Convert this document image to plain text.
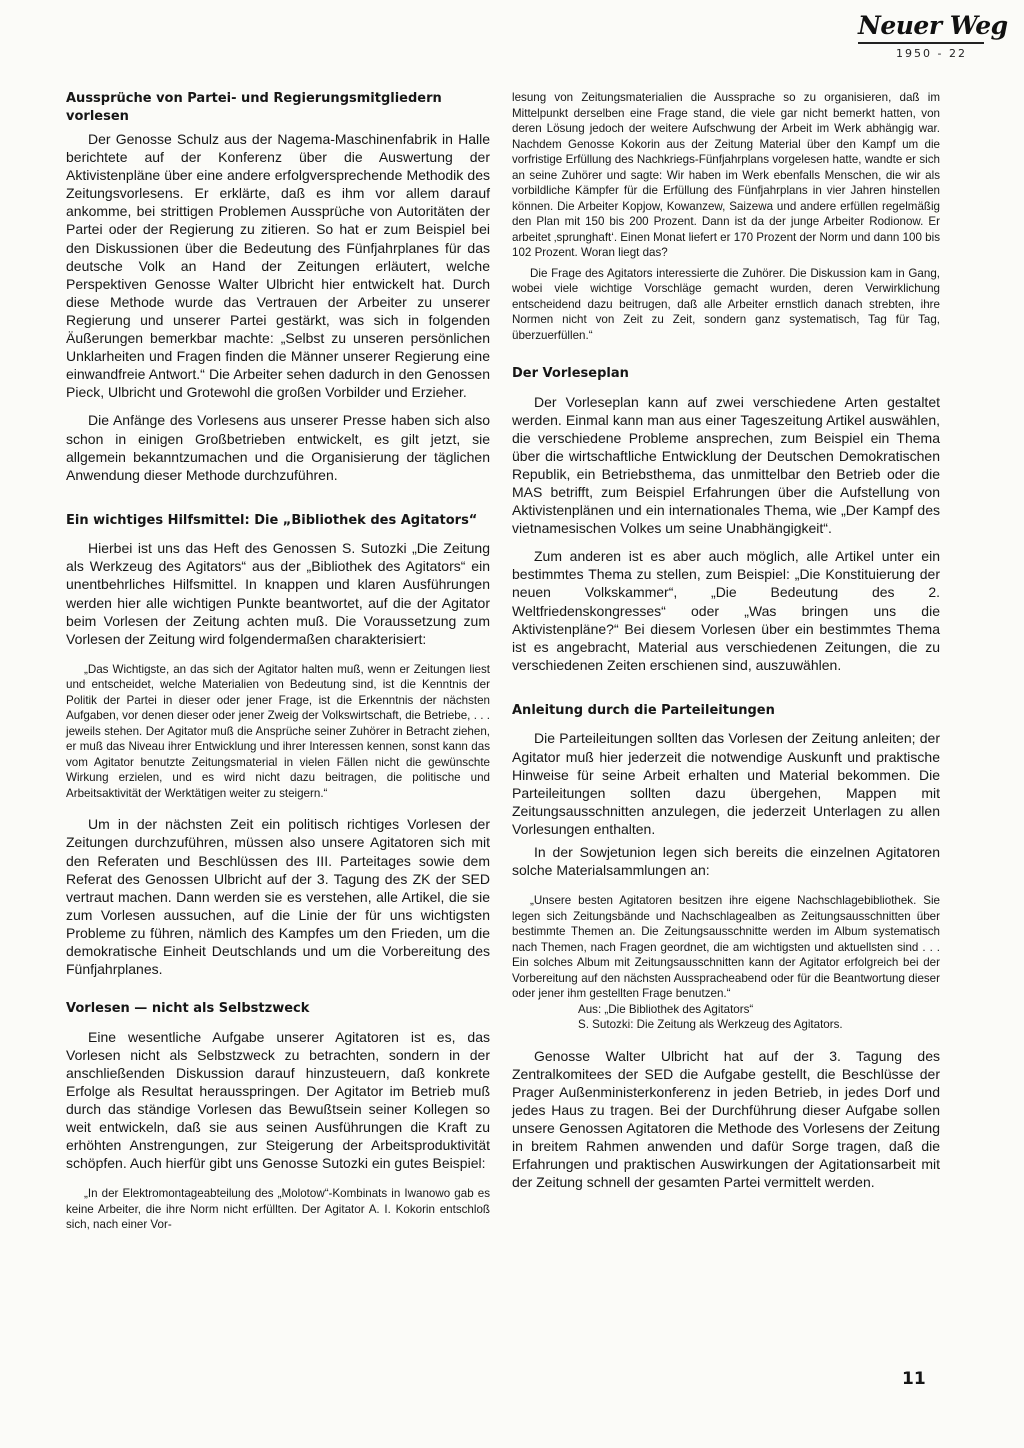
Neuer Weg
1950 - 22
Aussprüche von Partei- und Regierungsmitgliedern vorlesen
Der Genosse Schulz aus der Nagema-Maschinenfabrik in Halle berichtete auf der Konferenz über die Auswertung der Aktivistenpläne über eine andere erfolgversprechende Methodik des Zeitungsvorlesens. Er erklärte, daß es ihm vor allem darauf ankomme, bei strittigen Problemen Aussprüche von Autoritäten der Partei oder der Regierung zu zitieren. So hat er zum Beispiel bei den Diskussionen über die Bedeutung des Fünfjahrplanes für das deutsche Volk an Hand der Zeitungen erläutert, welche Perspektiven Genosse Walter Ulbricht hier entwickelt hat. Durch diese Methode wurde das Vertrauen der Arbeiter zu unserer Regierung und unserer Partei gestärkt, was sich in folgenden Äußerungen bemerkbar machte: „Selbst zu unseren persönlichen Unklarheiten und Fragen finden die Männer unserer Regierung eine einwandfreie Antwort.“ Die Arbeiter sehen dadurch in den Genossen Pieck, Ulbricht und Grotewohl die großen Vorbilder und Erzieher.
Die Anfänge des Vorlesens aus unserer Presse haben sich also schon in einigen Großbetrieben entwickelt, es gilt jetzt, sie allgemein bekanntzumachen und die Organisierung der täglichen Anwendung dieser Methode durchzuführen.
Ein wichtiges Hilfsmittel: Die „Bibliothek des Agitators“
Hierbei ist uns das Heft des Genossen S. Sutozki „Die Zeitung als Werkzeug des Agitators“ aus der „Bibliothek des Agitators“ ein unentbehrliches Hilfsmittel. In knappen und klaren Ausführungen werden hier alle wichtigen Punkte beantwortet, auf die der Agitator beim Vorlesen der Zeitung achten muß. Die Voraussetzung zum Vorlesen der Zeitung wird folgendermaßen charakterisiert:
„Das Wichtigste, an das sich der Agitator halten muß, wenn er Zeitungen liest und entscheidet, welche Materialien von Bedeutung sind, ist die Kenntnis der Politik der Partei in dieser oder jener Frage, ist die Erkenntnis der nächsten Aufgaben, vor denen dieser oder jener Zweig der Volkswirtschaft, die Betriebe, . . . jeweils stehen. Der Agitator muß die Ansprüche seiner Zuhörer in Betracht ziehen, er muß das Niveau ihrer Entwicklung und ihrer Interessen kennen, sonst kann das vom Agitator benutzte Zeitungsmaterial in vielen Fällen nicht die gewünschte Wirkung erzielen, und es wird nicht dazu beitragen, die politische und Arbeitsaktivität der Werktätigen weiter zu steigern.“
Um in der nächsten Zeit ein politisch richtiges Vorlesen der Zeitungen durchzuführen, müssen also unsere Agitatoren sich mit den Referaten und Beschlüssen des III. Parteitages sowie dem Referat des Genossen Ulbricht auf der 3. Tagung des ZK der SED vertraut machen. Dann werden sie es verstehen, alle Artikel, die sie zum Vorlesen aussuchen, auf die Linie der für uns wichtigsten Probleme zu führen, nämlich des Kampfes um den Frieden, um die demokratische Einheit Deutschlands und um die Vorbereitung des Fünfjahrplanes.
Vorlesen — nicht als Selbstzweck
Eine wesentliche Aufgabe unserer Agitatoren ist es, das Vorlesen nicht als Selbstzweck zu betrachten, sondern in der anschließenden Diskussion darauf hinzusteuern, daß konkrete Erfolge als Resultat herausspringen. Der Agitator im Betrieb muß durch das ständige Vorlesen das Bewußtsein seiner Kollegen so weit entwickeln, daß sie aus seinen Ausführungen die Kraft zu erhöhten Anstrengungen, zur Steigerung der Arbeitsproduktivität schöpfen. Auch hierfür gibt uns Genosse Sutozki ein gutes Beispiel:
„In der Elektromontageabteilung des „Molotow“-Kombinats in Iwanowo gab es keine Arbeiter, die ihre Norm nicht erfüllten. Der Agitator A. I. Kokorin entschloß sich, nach einer Vor-
lesung von Zeitungsmaterialien die Aussprache so zu organisieren, daß im Mittelpunkt derselben eine Frage stand, die viele gar nicht bemerkt hatten, von deren Lösung jedoch der weitere Aufschwung der Arbeit im Werk abhängig war. Nachdem Genosse Kokorin aus der Zeitung Material über den Kampf um die vorfristige Erfüllung des Nachkriegs-Fünfjahrplans vorgelesen hatte, wandte er sich an seine Zuhörer und sagte: Wir haben im Werk ebenfalls Menschen, die wir als vorbildliche Kämpfer für die Erfüllung des Fünfjahrplans in vier Jahren hinstellen können. Die Arbeiter Kopjow, Kowanzew, Saizewa und andere erfüllen regelmäßig den Plan mit 150 bis 200 Prozent. Dann ist da der junge Arbeiter Rodionow. Er arbeitet ‚sprunghaft‘. Einen Monat liefert er 170 Prozent der Norm und dann 100 bis 102 Prozent. Woran liegt das?
Die Frage des Agitators interessierte die Zuhörer. Die Diskussion kam in Gang, wobei viele wichtige Vorschläge gemacht wurden, deren Verwirklichung entscheidend dazu beitrugen, daß alle Arbeiter ernstlich danach strebten, ihre Normen nicht von Zeit zu Zeit, sondern ganz systematisch, Tag für Tag, überzuerfüllen.“
Der Vorleseplan
Der Vorleseplan kann auf zwei verschiedene Arten gestaltet werden. Einmal kann man aus einer Tageszeitung Artikel auswählen, die verschiedene Probleme ansprechen, zum Beispiel ein Thema über die wirtschaftliche Entwicklung der Deutschen Demokratischen Republik, ein Betriebsthema, das unmittelbar den Betrieb oder die MAS betrifft, zum Beispiel Erfahrungen über die Aufstellung von Aktivistenplänen und ein internationales Thema, wie „Der Kampf des vietnamesischen Volkes um seine Unabhängigkeit“.
Zum anderen ist es aber auch möglich, alle Artikel unter ein bestimmtes Thema zu stellen, zum Beispiel: „Die Konstituierung der neuen Volkskammer“, „Die Bedeutung des 2. Weltfriedenskongresses“ oder „Was bringen uns die Aktivistenpläne?“ Bei diesem Vorlesen über ein bestimmtes Thema ist es angebracht, Material aus verschiedenen Zeitungen, die zu verschiedenen Zeiten erschienen sind, auszuwählen.
Anleitung durch die Parteileitungen
Die Parteileitungen sollten das Vorlesen der Zeitung anleiten; der Agitator muß hier jederzeit die notwendige Auskunft und praktische Hinweise für seine Arbeit erhalten und Material bekommen. Die Parteileitungen sollten dazu übergehen, Mappen mit Zeitungsausschnitten anzulegen, die jederzeit Unterlagen zu allen Vorlesungen enthalten.
In der Sowjetunion legen sich bereits die einzelnen Agitatoren solche Materialsammlungen an:
„Unsere besten Agitatoren besitzen ihre eigene Nachschlagebibliothek. Sie legen sich Zeitungsbände und Nachschlagealben as Zeitungsausschnitten über bestimmte Themen an. Die Zeitungsausschnitte werden im Album systematisch nach Themen, nach Fragen geordnet, die am wichtigsten und aktuellsten sind . . . Ein solches Album mit Zeitungsausschnitten kann der Agitator erfolgreich bei der Vorbereitung auf den nächsten Ausspracheabend oder für die Beantwortung dieser oder jener ihm gestellten Frage benutzen.“
Aus: „Die Bibliothek des Agitators“
S. Sutozki: Die Zeitung als Werkzeug des Agitators.
Genosse Walter Ulbricht hat auf der 3. Tagung des Zentralkomitees der SED die Aufgabe gestellt, die Beschlüsse der Prager Außenministerkonferenz in jeden Betrieb, in jedes Dorf und jedes Haus zu tragen. Bei der Durchführung dieser Aufgabe sollen unsere Genossen Agitatoren die Methode des Vorlesens der Zeitung in breitem Rahmen anwenden und dafür Sorge tragen, daß die Erfahrungen und praktischen Auswirkungen der Agitationsarbeit mit der Zeitung schnell der gesamten Partei vermittelt werden.
11
